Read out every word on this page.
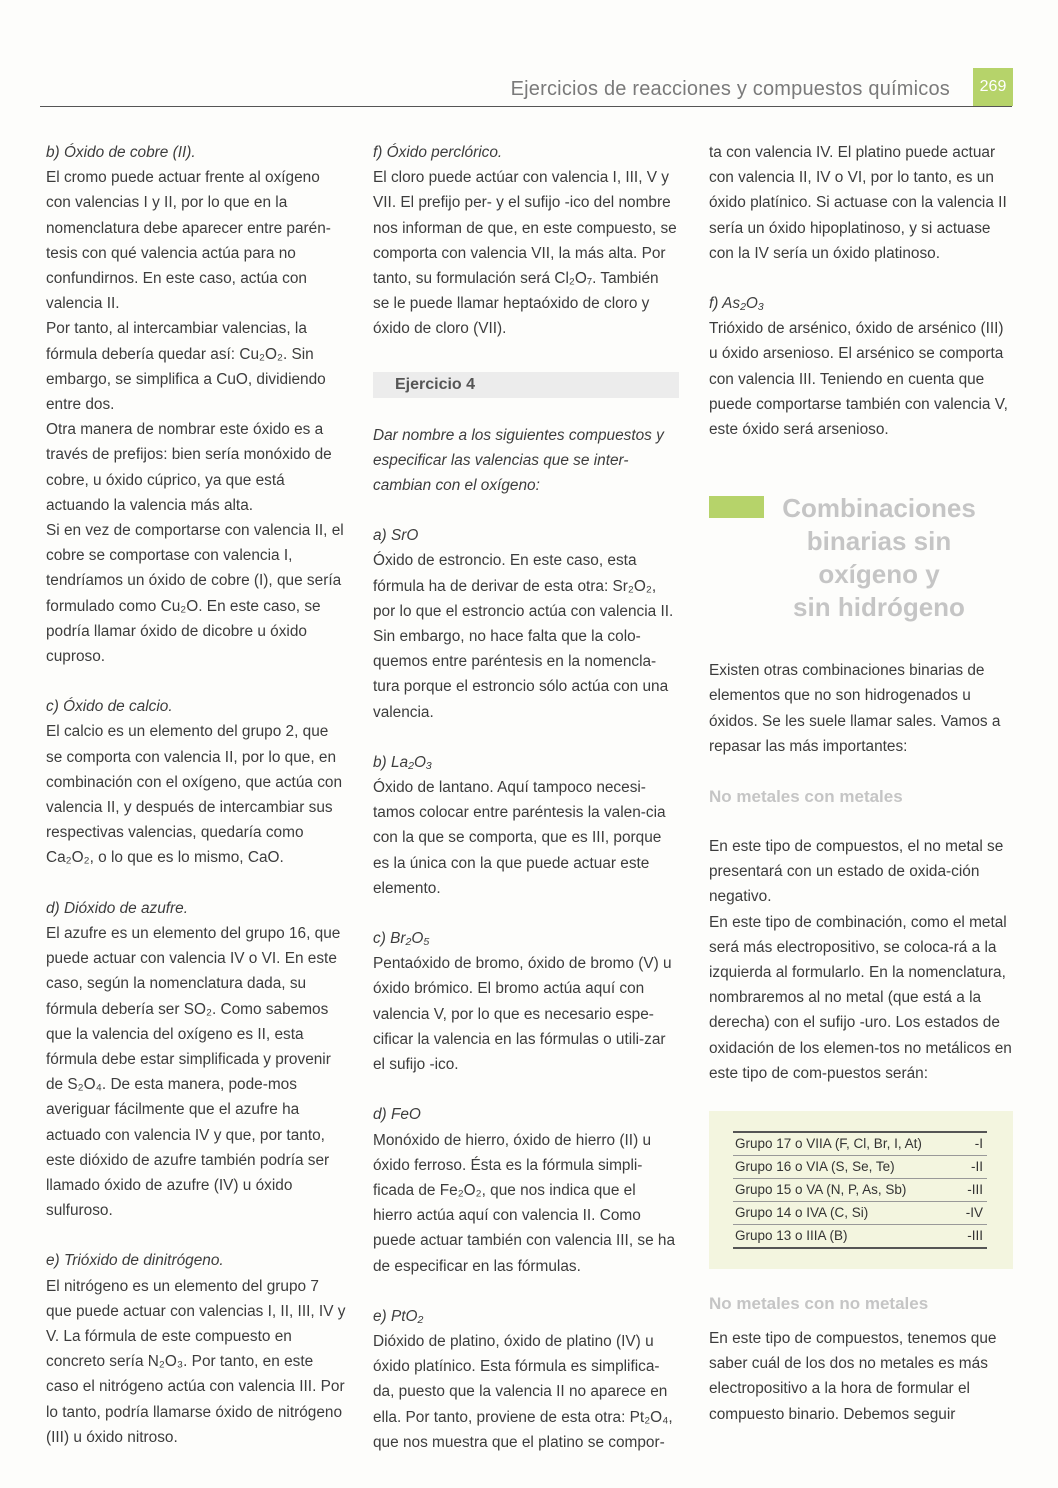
Ejercicios de reacciones y compuestos químicos	269
b) Óxido de cobre (II).
El cromo puede actuar frente al oxígeno con valencias I y II, por lo que en la nomenclatura debe aparecer entre parén-tesis con qué valencia actúa para no confundirnos. En este caso, actúa con valencia II.
Por tanto, al intercambiar valencias, la fórmula debería quedar así: Cu₂O₂. Sin embargo, se simplifica a CuO, dividiendo entre dos.
Otra manera de nombrar este óxido es a través de prefijos: bien sería monóxido de cobre, u óxido cúprico, ya que está actuando la valencia más alta.
Si en vez de comportarse con valencia II, el cobre se comportase con valencia I, tendríamos un óxido de cobre (I), que sería formulado como Cu₂O. En este caso, se podría llamar óxido de dicobre u óxido cuproso.
c) Óxido de calcio.
El calcio es un elemento del grupo 2, que se comporta con valencia II, por lo que, en combinación con el oxígeno, que actúa con valencia II, y después de intercambiar sus respectivas valencias, quedaría como Ca₂O₂, o lo que es lo mismo, CaO.
d) Dióxido de azufre.
El azufre es un elemento del grupo 16, que puede actuar con valencia IV o VI. En este caso, según la nomenclatura dada, su fórmula debería ser SO₂. Como sabemos que la valencia del oxígeno es II, esta fórmula debe estar simplificada y provenir de S₂O₄. De esta manera, pode-mos averiguar fácilmente que el azufre ha actuado con valencia IV y que, por tanto, este dióxido de azufre también podría ser llamado óxido de azufre (IV) u óxido sulfuroso.
e) Trióxido de dinitrógeno.
El nitrógeno es un elemento del grupo 7 que puede actuar con valencias I, II, III, IV y V. La fórmula de este compuesto en concreto sería N₂O₃. Por tanto, en este caso el nitrógeno actúa con valencia III. Por lo tanto, podría llamarse óxido de nitrógeno (III) u óxido nitroso.
f) Óxido perclórico.
El cloro puede actúar con valencia I, III, V y VII. El prefijo per- y el sufijo -ico del nombre nos informan de que, en este compuesto, se comporta con valencia VII, la más alta. Por tanto, su formulación será Cl₂O₇. También se le puede llamar heptaóxido de cloro y óxido de cloro (VII).
Ejercicio 4
Dar nombre a los siguientes compuestos y especificar las valencias que se inter-cambian con el oxígeno:
a) SrO
Óxido de estroncio. En este caso, esta fórmula ha de derivar de esta otra: Sr₂O₂, por lo que el estroncio actúa con valencia II. Sin embargo, no hace falta que la colo-quemos entre paréntesis en la nomencla-tura porque el estroncio sólo actúa con una valencia.
b) La₂O₃
Óxido de lantano. Aquí tampoco necesi-tamos colocar entre paréntesis la valen-cia con la que se comporta, que es III, porque es la única con la que puede actuar este elemento.
c) Br₂O₅
Pentaóxido de bromo, óxido de bromo (V) u óxido brómico. El bromo actúa aquí con valencia V, por lo que es necesario espe-cificar la valencia en las fórmulas o utili-zar el sufijo -ico.
d) FeO
Monóxido de hierro, óxido de hierro (II) u óxido ferroso. Ésta es la fórmula simpli-ficada de Fe₂O₂, que nos indica que el hierro actúa aquí con valencia II. Como puede actuar también con valencia III, se ha de especificar en las fórmulas.
e) PtO₂
Dióxido de platino, óxido de platino (IV) u óxido platínico. Esta fórmula es simplifica-da, puesto que la valencia II no aparece en ella. Por tanto, proviene de esta otra: Pt₂O₄, que nos muestra que el platino se compor-
ta con valencia IV. El platino puede actuar con valencia II, IV o VI, por lo tanto, es un óxido platínico. Si actuase con la valencia II sería un óxido hipoplatinoso, y si actuase con la IV sería un óxido platinoso.
f) As₂O₃
Trióxido de arsénico, óxido de arsénico (III) u óxido arsenioso. El arsénico se comporta con valencia III. Teniendo en cuenta que puede comportarse también con valencia V, este óxido será arsenioso.
Combinaciones
binarias sin
oxígeno y
sin hidrógeno
Existen otras combinaciones binarias de elementos que no son hidrogenados u óxidos. Se les suele llamar sales. Vamos a repasar las más importantes:
No metales con metales
En este tipo de compuestos, el no metal se presentará con un estado de oxida-ción negativo.
En este tipo de combinación, como el metal será más electropositivo, se coloca-rá a la izquierda al formularlo. En la nomenclatura, nombraremos al no metal (que está a la derecha) con el sufijo -uro. Los estados de oxidación de los elemen-tos no metálicos en este tipo de com-puestos serán:
Grupo 17 o VIIA (F, Cl, Br, I, At)	-I
Grupo 16 o VIA (S, Se, Te)	-II
Grupo 15 o VA (N, P, As, Sb)	-III
Grupo 14 o IVA (C, Si)	-IV
Grupo 13 o IIIA (B)	-III
No metales con no metales
En este tipo de compuestos, tenemos que saber cuál de los dos no metales es más electropositivo a la hora de formular el compuesto binario. Debemos seguir
